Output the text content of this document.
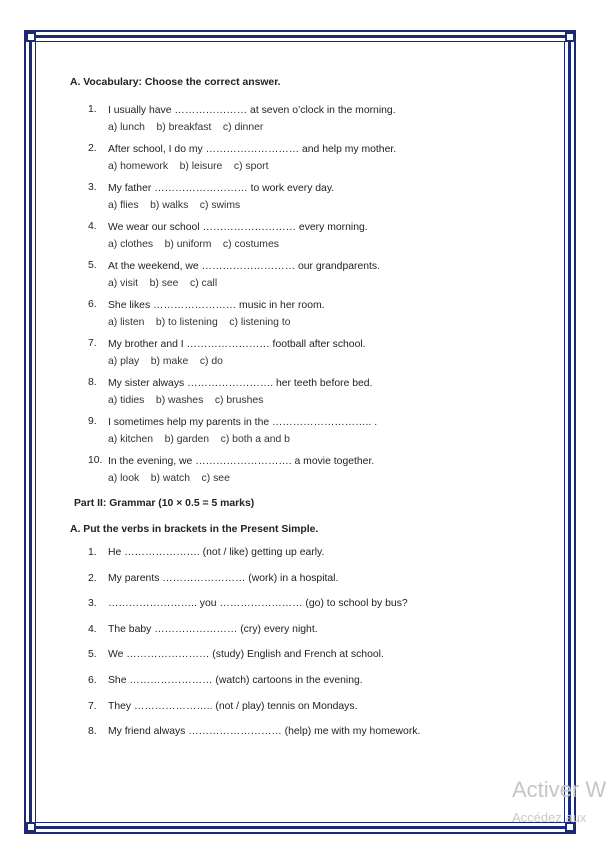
A. Vocabulary: Choose the correct answer.

1.	I usually have ………………… at seven o’clock in the morning.
a) lunch    b) breakfast    c) dinner
2.	After school, I do my ……………………… and help my mother.
a) homework    b) leisure    c) sport
3.	My father ……………………… to work every day.
a) flies    b) walks    c) swims
4.	We wear our school ……………………… every morning.
a) clothes    b) uniform    c) costumes
5.	At the weekend, we ……………………… our grandparents.
a) visit    b) see    c) call
6.	She likes …………………… music in her room.
a) listen    b) to listening    c) listening to
7.	My brother and I …………………… football after school.
a) play    b) make    c) do
8.	My sister always ……………………. her teeth before bed.
a) tidies    b) washes    c) brushes
9.	I sometimes help my parents in the ……………………….. .
a) kitchen    b) garden    c) both a and b
10. In the evening, we ………………………. a movie together.
a) look    b) watch    c) see
Part II: Grammar (10 × 0.5 = 5 marks)
A. Put the verbs in brackets in the Present Simple.
1.	He …………………. (not / like) getting up early.
2.	My parents …………………… (work) in a hospital.
3.	…………………….. you …………………… (go) to school by bus?
4.	The baby …………………… (cry) every night.
5.	We …………………… (study) English and French at school.
6.	She …………………… (watch) cartoons in the evening.
7.	They ………………….. (not / play) tennis on Mondays.
8.	My friend always ……………………… (help) me with my homework.
Activer W
Accédez aux
